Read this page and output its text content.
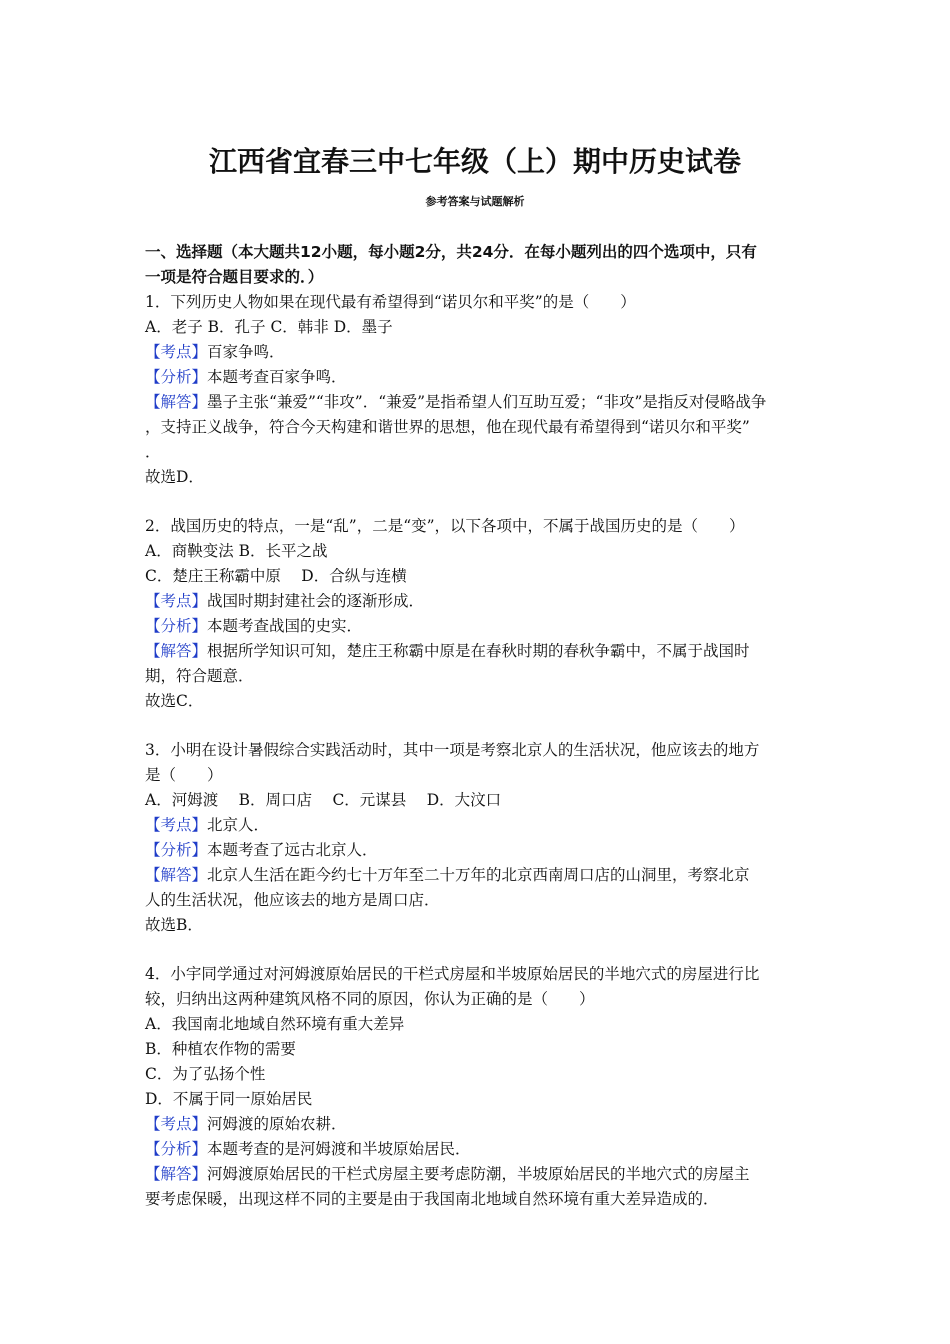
江西省宜春三中七年级（上）期中历史试卷
参考答案与试题解析
一、选择题（本大题共12小题，每小题2分，共24分．在每小题列出的四个选项中，只有
一项是符合题目要求的．）
1．下列历史人物如果在现代最有希望得到“诺贝尔和平奖”的是（　　）
A．老子 B．孔子 C．韩非 D．墨子
【考点】百家争鸣．
【分析】本题考查百家争鸣．
【解答】墨子主张“兼爱”“非攻”．“兼爱”是指希望人们互助互爱；“非攻”是指反对侵略战争
，支持正义战争，符合今天构建和谐世界的思想，他在现代最有希望得到“诺贝尔和平奖”
．
故选D．
2．战国历史的特点，一是“乱”，二是“变”，以下各项中，不属于战国历史的是（　　）
A．商鞅变法 B．长平之战
C．楚庄王称霸中原　 D．合纵与连横
【考点】战国时期封建社会的逐渐形成．
【分析】本题考查战国的史实．
【解答】根据所学知识可知，楚庄王称霸中原是在春秋时期的春秋争霸中，不属于战国时
期，符合题意．
故选C．
3．小明在设计暑假综合实践活动时，其中一项是考察北京人的生活状况，他应该去的地方
是（　　）
A．河姆渡　 B．周口店　 C．元谋县　 D．大汶口
【考点】北京人．
【分析】本题考查了远古北京人．
【解答】北京人生活在距今约七十万年至二十万年的北京西南周口店的山洞里，考察北京
人的生活状况，他应该去的地方是周口店．
故选B．
4．小宇同学通过对河姆渡原始居民的干栏式房屋和半坡原始居民的半地穴式的房屋进行比
较，归纳出这两种建筑风格不同的原因，你认为正确的是（　　）
A．我国南北地域自然环境有重大差异
B．种植农作物的需要
C．为了弘扬个性
D．不属于同一原始居民
【考点】河姆渡的原始农耕．
【分析】本题考查的是河姆渡和半坡原始居民．
【解答】河姆渡原始居民的干栏式房屋主要考虑防潮，半坡原始居民的半地穴式的房屋主
要考虑保暖，出现这样不同的主要是由于我国南北地域自然环境有重大差异造成的．
